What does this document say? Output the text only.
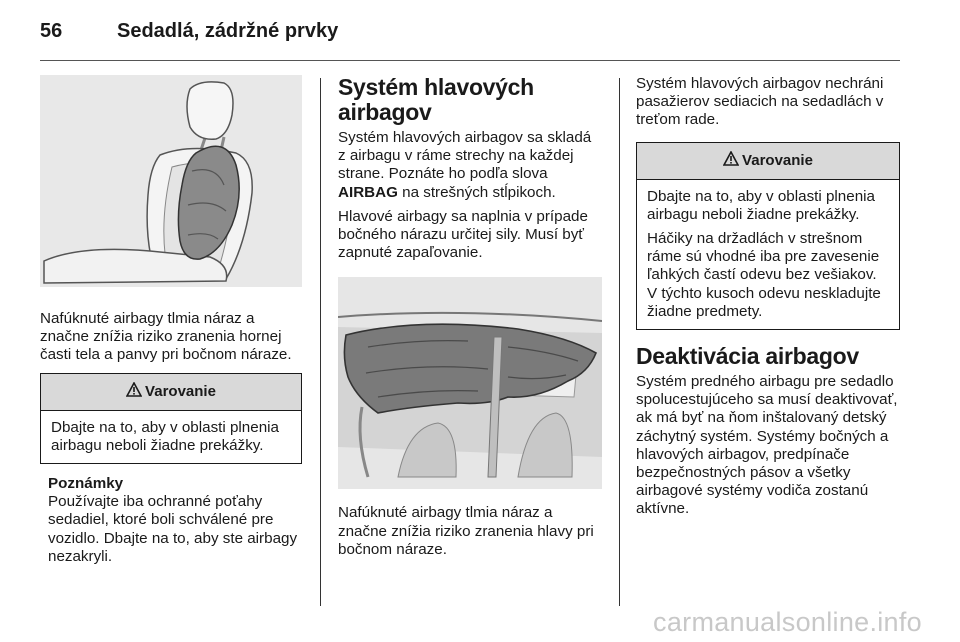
56	Sedadlá, zádržné prvky

Nafúknuté airbagy tlmia náraz a značne znížia riziko zranenia hornej časti tela a panvy pri bočnom náraze.

Varovanie

Dbajte na to, aby v oblasti plnenia airbagu neboli žiadne prekážky.

Poznámky

Používajte iba ochranné poťahy sedadiel, ktoré boli schválené pre vozidlo. Dbajte na to, aby ste airbagy nezakryli.

Systém hlavových airbagov

Systém hlavových airbagov sa skladá z airbagu v ráme strechy na každej strane. Poznáte ho podľa slova AIRBAG na strešných stĺpikoch.

Hlavové airbagy sa naplnia v prípade bočného nárazu určitej sily. Musí byť zapnuté zapaľovanie.

Nafúknuté airbagy tlmia náraz a značne znížia riziko zranenia hlavy pri bočnom náraze.

Systém hlavových airbagov nechráni pasažierov sediacich na sedadlách v treťom rade.

Varovanie

Dbajte na to, aby v oblasti plnenia airbagu neboli žiadne prekážky.

Háčiky na držadlách v strešnom ráme sú vhodné iba pre zavesenie ľahkých častí odevu bez vešiakov. V týchto kusoch odevu neskladujte žiadne predmety.

Deaktivácia airbagov

Systém predného airbagu pre sedadlo spolucestujúceho sa musí deaktivovať, ak má byť na ňom inštalovaný detský záchytný systém. Systémy bočných a hlavových airbagov, predpínače bezpečnostných pásov a všetky airbagové systémy vodiča zostanú aktívne.

carmanualsonline.info
